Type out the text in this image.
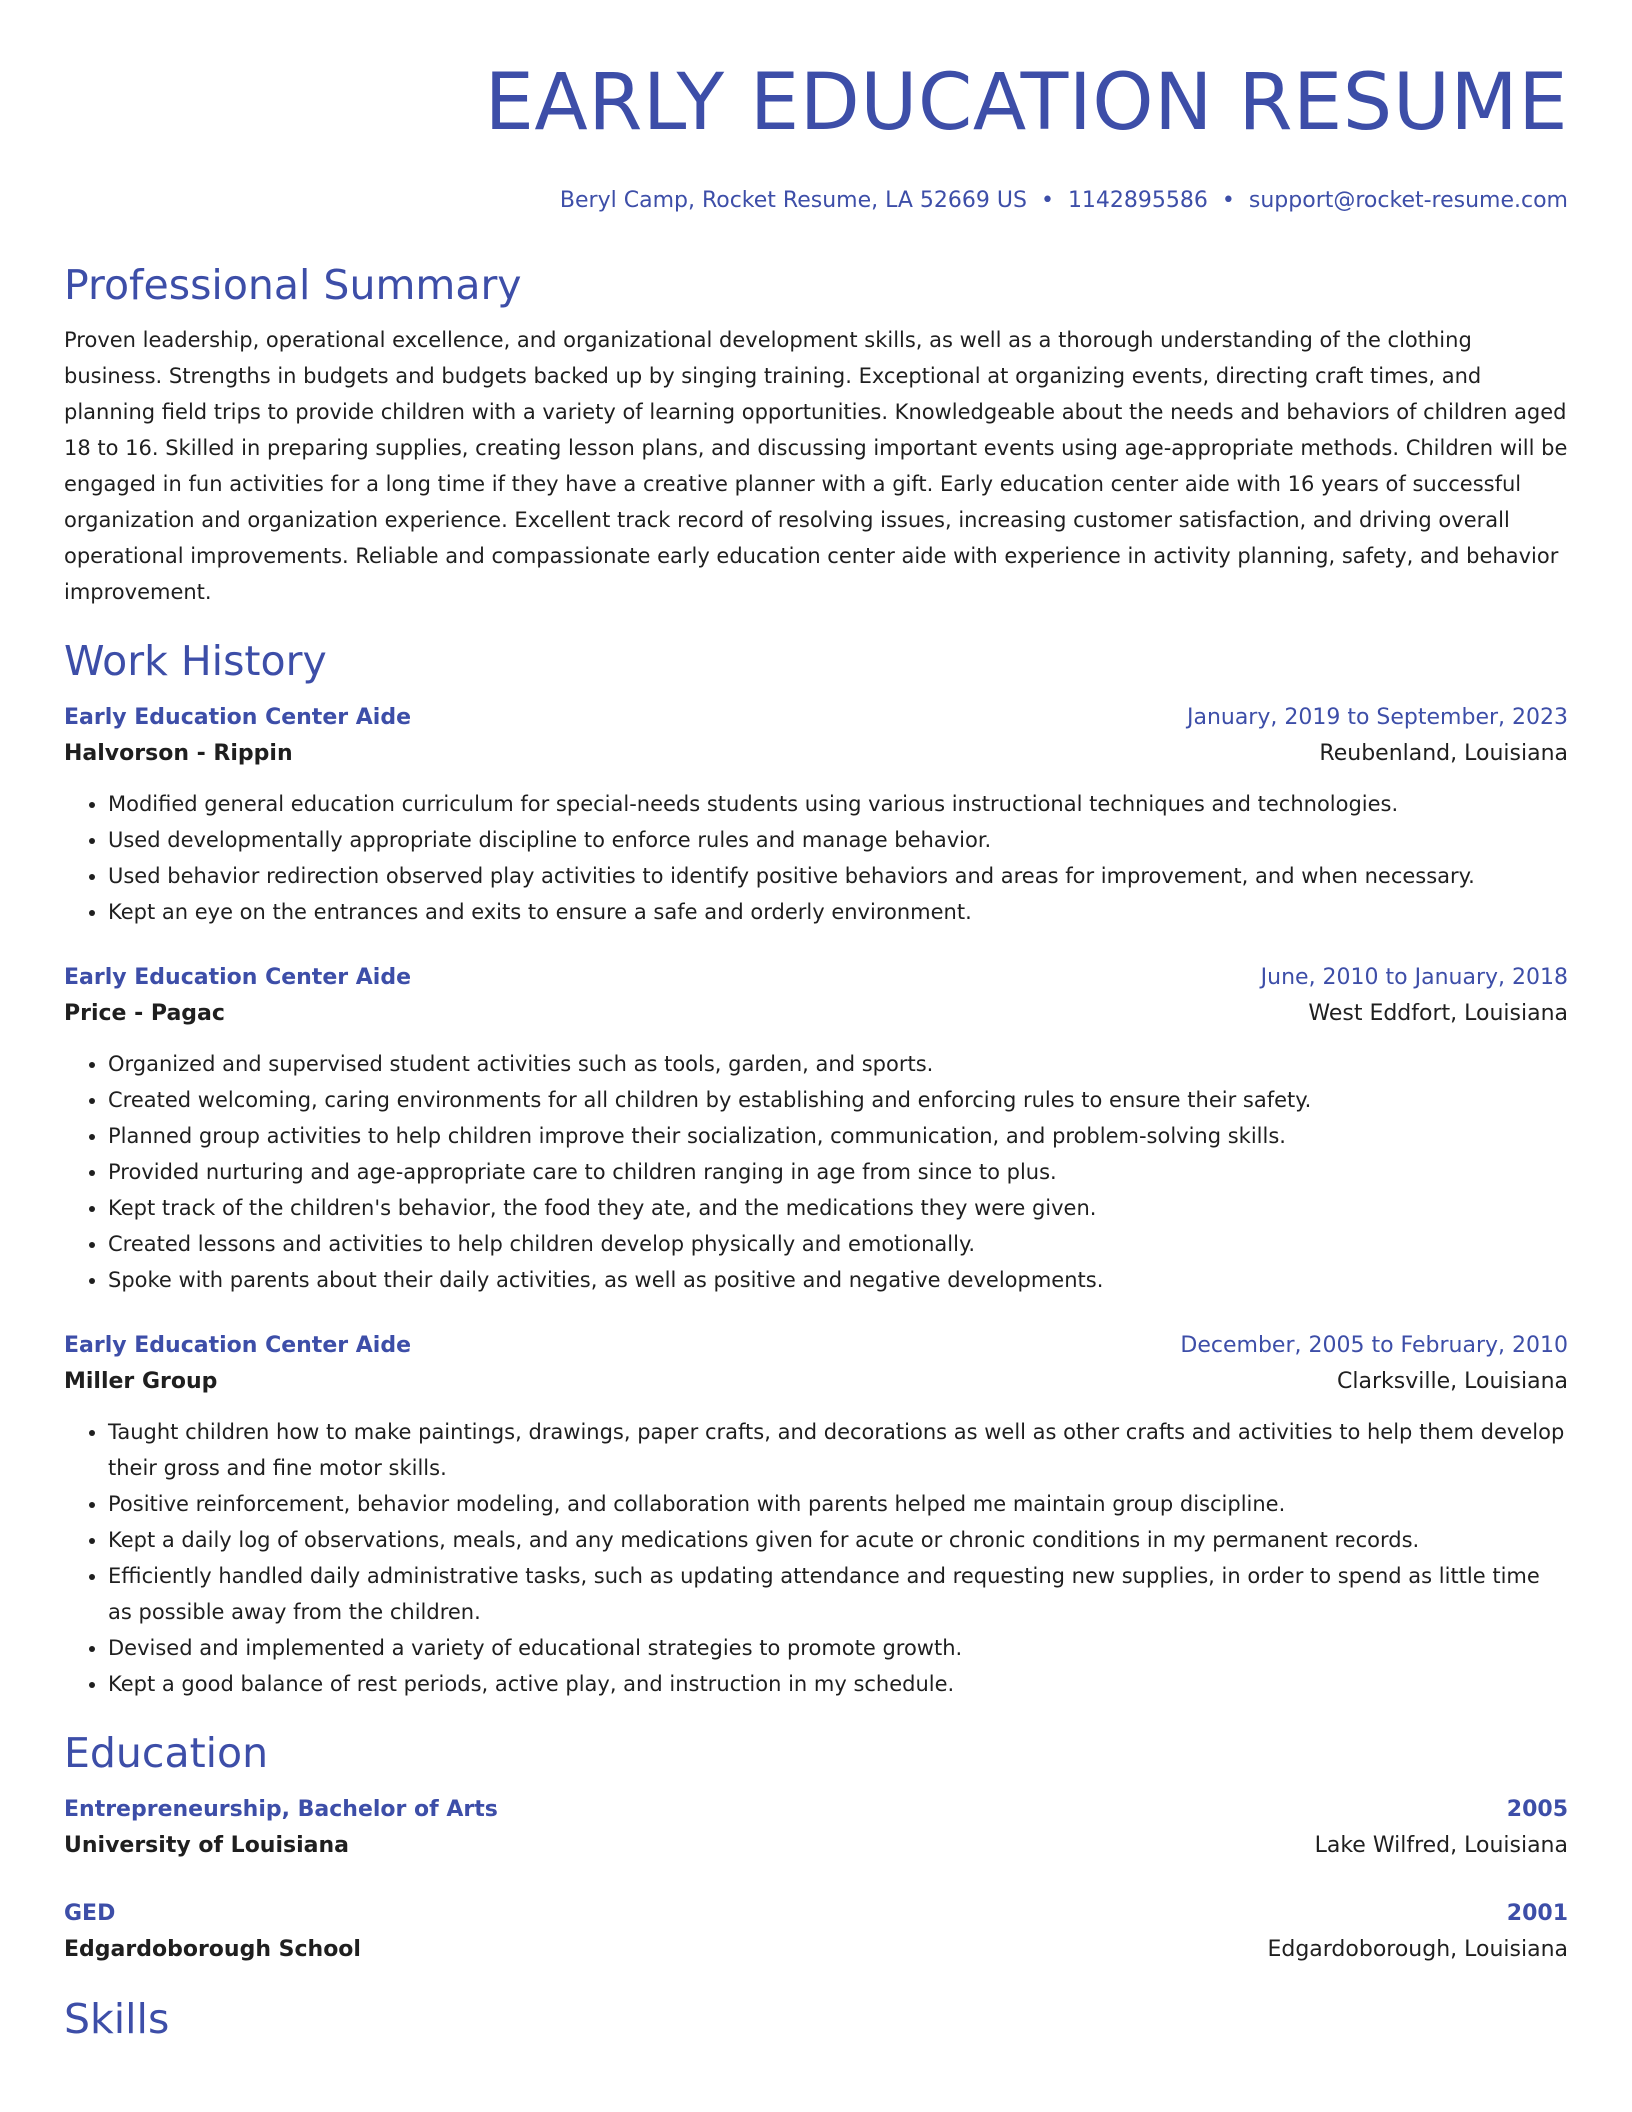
EARLY EDUCATION RESUME
Beryl Camp, Rocket Resume, LA 52669 US • 1142895586 • support@rocket-resume.com
Professional Summary

Proven leadership, operational excellence, and organizational development skills, as well as a thorough understanding of the clothing business. Strengths in budgets and budgets backed up by singing training. Exceptional at organizing events, directing craft times, and planning field trips to provide children with a variety of learning opportunities. Knowledgeable about the needs and behaviors of children aged 18 to 16. Skilled in preparing supplies, creating lesson plans, and discussing important events using age-appropriate methods. Children will be engaged in fun activities for a long time if they have a creative planner with a gift. Early education center aide with 16 years of successful organization and organization experience. Excellent track record of resolving issues, increasing customer satisfaction, and driving overall operational improvements. Reliable and compassionate early education center aide with experience in activity planning, safety, and behavior improvement.

Work History
Early Education Center Aide	January, 2019 to September, 2023
Halvorson - Rippin	Reubenland, Louisiana
• Modified general education curriculum for special-needs students using various instructional techniques and technologies.
• Used developmentally appropriate discipline to enforce rules and manage behavior.
• Used behavior redirection observed play activities to identify positive behaviors and areas for improvement, and when necessary.
• Kept an eye on the entrances and exits to ensure a safe and orderly environment.
Early Education Center Aide	June, 2010 to January, 2018
Price - Pagac	West Eddfort, Louisiana
• Organized and supervised student activities such as tools, garden, and sports.
• Created welcoming, caring environments for all children by establishing and enforcing rules to ensure their safety.
• Planned group activities to help children improve their socialization, communication, and problem-solving skills.
• Provided nurturing and age-appropriate care to children ranging in age from since to plus.
• Kept track of the children's behavior, the food they ate, and the medications they were given.
• Created lessons and activities to help children develop physically and emotionally.
• Spoke with parents about their daily activities, as well as positive and negative developments.
Early Education Center Aide	December, 2005 to February, 2010
Miller Group	Clarksville, Louisiana
• Taught children how to make paintings, drawings, paper crafts, and decorations as well as other crafts and activities to help them develop their gross and fine motor skills.
• Positive reinforcement, behavior modeling, and collaboration with parents helped me maintain group discipline.
• Kept a daily log of observations, meals, and any medications given for acute or chronic conditions in my permanent records.
• Efficiently handled daily administrative tasks, such as updating attendance and requesting new supplies, in order to spend as little time as possible away from the children.
• Devised and implemented a variety of educational strategies to promote growth.
• Kept a good balance of rest periods, active play, and instruction in my schedule.
Education
Entrepreneurship, Bachelor of Arts	2005
University of Louisiana	Lake Wilfred, Louisiana
GED	2001
Edgardoborough School	Edgardoborough, Louisiana
Skills
